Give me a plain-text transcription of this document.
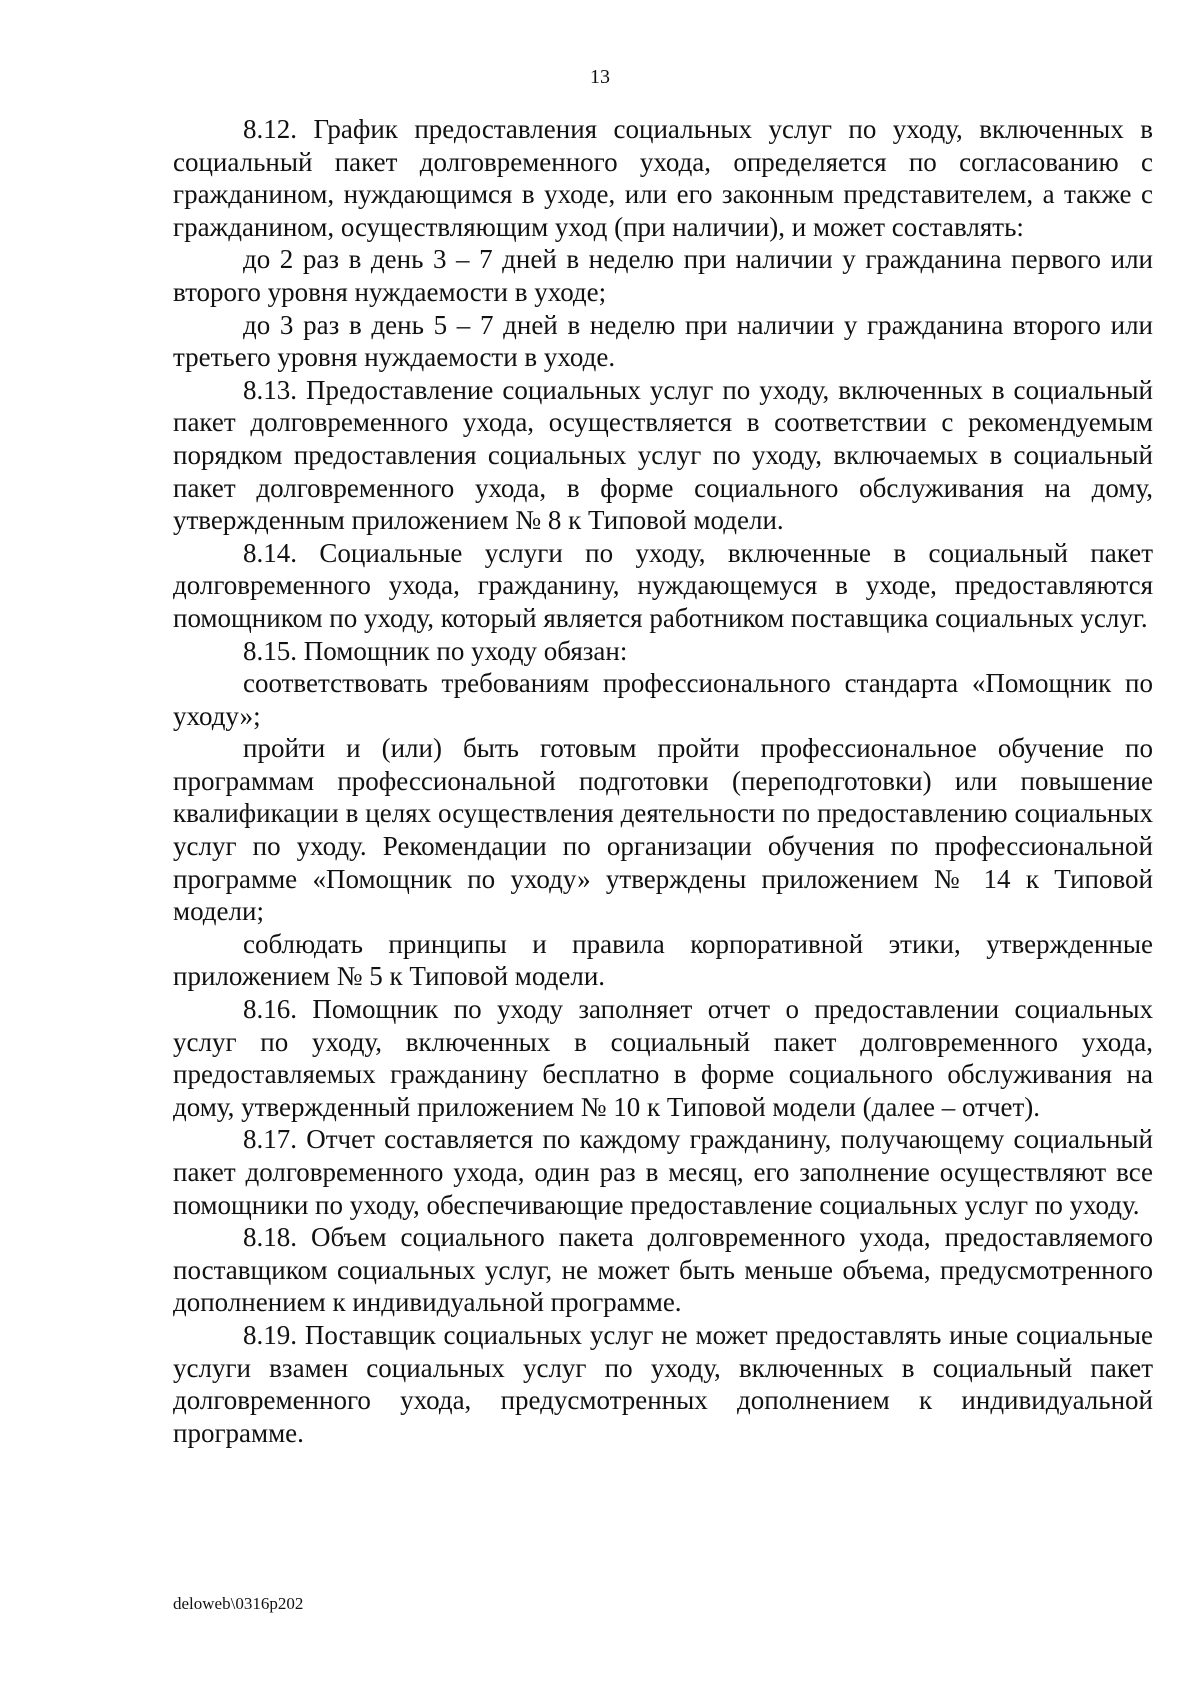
13

8.12. График предоставления социальных услуг по уходу, включенных в социальный пакет долговременного ухода, определяется по согласованию с гражданином, нуждающимся в уходе, или его законным представителем, а также с гражданином, осуществляющим уход (при наличии), и может составлять:

до 2 раз в день 3 – 7 дней в неделю при наличии у гражданина первого или второго уровня нуждаемости в уходе;

до 3 раз в день 5 – 7 дней в неделю при наличии у гражданина второго или третьего уровня нуждаемости в уходе.

8.13. Предоставление социальных услуг по уходу, включенных в социальный пакет долговременного ухода, осуществляется в соответствии с рекомендуемым порядком предоставления социальных услуг по уходу, включаемых в социальный пакет долговременного ухода, в форме социального обслуживания на дому, утвержденным приложением № 8 к Типовой модели.

8.14. Социальные услуги по уходу, включенные в социальный пакет долговременного ухода, гражданину, нуждающемуся в уходе, предоставляются помощником по уходу, который является работником поставщика социальных услуг.

8.15. Помощник по уходу обязан:

соответствовать требованиям профессионального стандарта «Помощник по уходу»;

пройти и (или) быть готовым пройти профессиональное обучение по программам профессиональной подготовки (переподготовки) или повышение квалификации в целях осуществления деятельности по предоставлению социальных услуг по уходу. Рекомендации по организации обучения по профессиональной программе «Помощник по уходу» утверждены приложением № 14 к Типовой модели;

соблюдать принципы и правила корпоративной этики, утвержденные приложением № 5 к Типовой модели.

8.16. Помощник по уходу заполняет отчет о предоставлении социальных услуг по уходу, включенных в социальный пакет долговременного ухода, предоставляемых гражданину бесплатно в форме социального обслуживания на дому, утвержденный приложением № 10 к Типовой модели (далее – отчет).

8.17. Отчет составляется по каждому гражданину, получающему социальный пакет долговременного ухода, один раз в месяц, его заполнение осуществляют все помощники по уходу, обеспечивающие предоставление социальных услуг по уходу.

8.18. Объем социального пакета долговременного ухода, предоставляемого поставщиком социальных услуг, не может быть меньше объема, предусмотренного дополнением к индивидуальной программе.

8.19. Поставщик социальных услуг не может предоставлять иные социальные услуги взамен социальных услуг по уходу, включенных в социальный пакет долговременного ухода, предусмотренных дополнением к индивидуальной программе.

deloweb\0316p202
